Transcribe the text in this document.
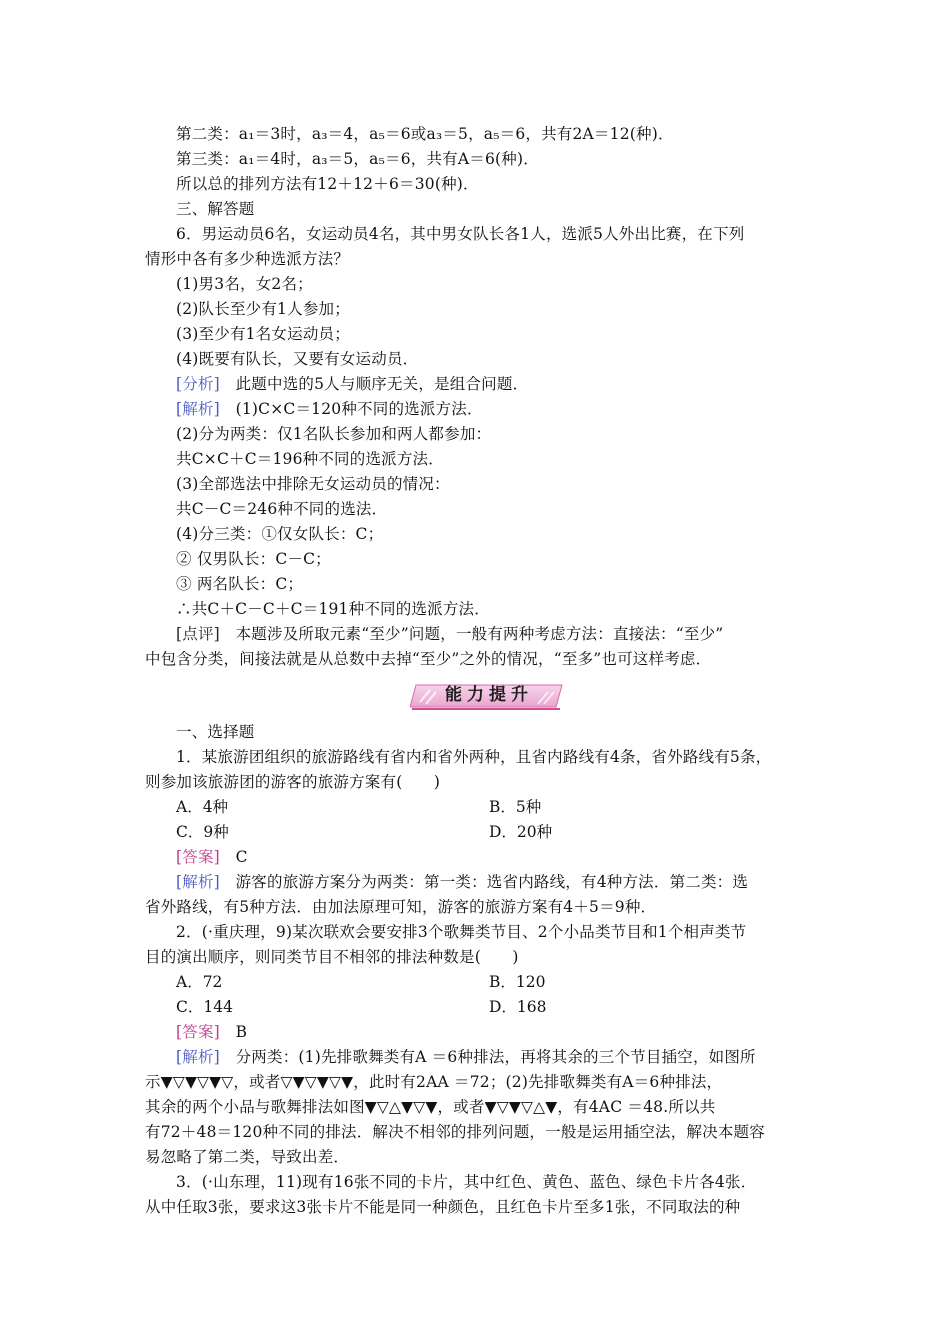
第二类：a₁＝3时，a₃＝4，a₅＝6或a₃＝5，a₅＝6，共有2A＝12(种)．
第三类：a₁＝4时，a₃＝5，a₅＝6，共有A＝6(种)．
所以总的排列方法有12＋12＋6＝30(种)．
三、解答题
6．男运动员6名，女运动员4名，其中男女队长各1人，选派5人外出比赛，在下列
情形中各有多少种选派方法？
(1)男3名，女2名；
(2)队长至少有1人参加；
(3)至少有1名女运动员；
(4)既要有队长，又要有女运动员．
[分析]　此题中选的5人与顺序无关，是组合问题．
[解析]　(1)C×C＝120种不同的选派方法．
(2)分为两类：仅1名队长参加和两人都参加：
共C×C＋C＝196种不同的选派方法．
(3)全部选法中排除无女运动员的情况：
共C－C＝246种不同的选法．
(4)分三类：①仅女队长：C；
② 仅男队长：C－C；
③ 两名队长：C；
∴共C＋C－C＋C＝191种不同的选派方法．
[点评]　本题涉及所取元素“至少”问题，一般有两种考虑方法：直接法：“至少”
中包含分类，间接法就是从总数中去掉“至少”之外的情况，“至多”也可这样考虑．
能力提升
一、选择题
1．某旅游团组织的旅游路线有省内和省外两种，且省内路线有4条，省外路线有5条，
则参加该旅游团的游客的旅游方案有(　　)
A．4种	B．5种
C．9种	D．20种
[答案]　C
[解析]　游客的旅游方案分为两类：第一类：选省内路线，有4种方法．第二类：选
省外路线，有5种方法．由加法原理可知，游客的旅游方案有4＋5＝9种．
2．(·重庆理，9)某次联欢会要安排3个歌舞类节目、2个小品类节目和1个相声类节
目的演出顺序，则同类节目不相邻的排法种数是(　　)
A．72	B．120
C．144	D．168
[答案]　B
[解析]　分两类：(1)先排歌舞类有A ＝6种排法，再将其余的三个节目插空，如图所
示▼▽▼▽▼▽，或者▽▼▽▼▽▼，此时有2AA ＝72；(2)先排歌舞类有A＝6种排法，
其余的两个小品与歌舞排法如图▼▽△▼▽▼，或者▼▽▼▽△▼，有4AC ＝48.所以共
有72＋48＝120种不同的排法．解决不相邻的排列问题，一般是运用插空法，解决本题容
易忽略了第二类，导致出差．
3．(·山东理，11)现有16张不同的卡片，其中红色、黄色、蓝色、绿色卡片各4张．
从中任取3张，要求这3张卡片不能是同一种颜色，且红色卡片至多1张，不同取法的种
